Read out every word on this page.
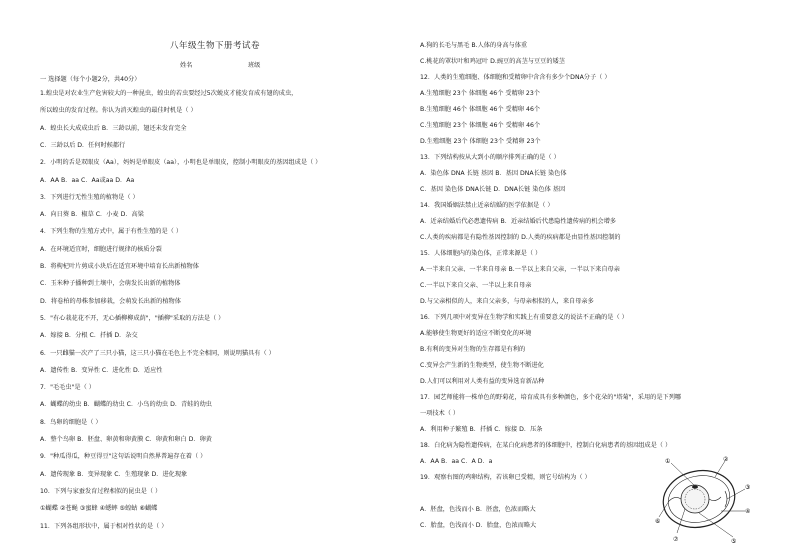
八年级生物下册考试卷
姓名	班级
一 选择题（每个小题2分，共40分）
1.蝗虫是对农业生产危害较大的一种昆虫，蝗虫的若虫要经过5次蜕皮才能发育成有翅的成虫，
所以蝗虫的发育过程。你认为消灭蝗虫的最佳时机是（ ）
A．蝗虫长大成成虫后 B．三龄以前，翅还未发育完全
C．三龄以后 D．任何时候都行
2．小明的舌是双眼皮（Aa），妈妈是单眼皮（aa），小明也是单眼皮，控制小明眼皮的基因组成是（ ）
A．AA B．aa C．Aa或aa D．Aa
3．下列进行无性生殖的植物是（ ）
A．向日葵 B．椒草 C．小麦 D．高粱
4．下列生物的生殖方式中，属于有性生殖的是（ ）
A．在环境适宜时，细胞进行规律的核质分裂
B．将枸杞叶片剪成小块后在适宜环境中培育长出新植物体
C．玉米种子播种到土壤中，会萌发长出新的植物体
D．将卷柏的母株参加移栽，会萌发长出新的植物体
5．"有心栽花花不开，无心插柳柳成荫"，"插柳"采取的方法是（ ）
A．嫁接 B．分根 C．扦插 D．杂交
6．一只雌猫一次产了三只小猫，这三只小猫在毛色上不完全相同，则说明猫具有（ ）
A．遗传性 B．变异性 C．进化性 D．适应性
7．"毛毛虫"是（ ）
A．蝴蝶的幼虫 B．蝴蝶的幼虫 C．小鸟的幼虫 D．青蛙的幼虫
8．鸟卵的细胞是（ ）
A．整个鸟卵 B．胚盘、卵黄和卵黄膜 C．卵黄和卵白 D．卵黄
9．"种瓜得瓜，种豆得豆"这句话说明自然界普遍存在着（ ）
A．遗传现象 B．变异现象 C．生殖现象 D．进化现象
10．下列与家蚕发育过程相似的昆虫是（ ）
①蝴蝶 ②苍蝇 ③蜜蜂 ④蟋蟀 ⑤蝗蛄 ⑥蝴蝶
11．下列各组形状中，属于相对性状的是（ ）
A.狗的长毛与黑毛 B.人体的身高与体重
C.桃花的罩状叶和鸡冠叶 D.豌豆的高茎与豆豆的矮茎
12．人类的生殖细胞、体细胞和受精卵中含含有多少个DNA分子（ ）
A.生殖细胞 23个 体细胞 46个 受精卵 23个
B.生殖细胞 46个 体细胞 46个 受精卵 46个
C.生殖细胞 23个 体细胞 46个 受精卵 46个
D.生殖细胞 23个 体细胞 23个 受精卵 23个
13．下列结构按从大到小的顺序排列正确的是（ ）
A．染色体 DNA 长链 基因 B．基因 DNA长链 染色体
C．基因 染色体 DNA长链 D．DNA长链 染色体 基因
14．我国婚姻法禁止近亲结婚的医学依据是（ ）
A．近亲结婚后代必患遗传病 B．近亲结婚后代患隐性遗传病的机会增多
C.人类的疾病都是有隐性基因控制的 D.人类的疾病都是由显性基因控制的
15．人体细胞内的染色体，正常来源是（ ）
A.一半来自父亲、一半来自母亲 B.一半以上来自父亲，一半以下来自母亲
C.一半以下来自父亲、一半以上来自母亲
D.与父亲相似的人，来自父亲多，与母亲相似的人，来自母亲多
16．下列几项中对变异在生物学和实践上有重要意义的说法不正确的是（ ）
A.能够使生物更好的适应不断变化的环境
B.有利的变异对生物的生存都是有利的
C.变异会产生新的生物类型，使生物不断进化
D.人们可以利用对人类有益的变异选育新品种
17．园艺师能将一株单色的野菊花，培育成具有多种颜色，多个花朵的"塔菊"，采用的是下列哪
一项技术（ ）
A．利用种子繁殖 B．扦插 C．嫁接 D．压条
18．白化病为隐性遗传病，在某白化病患者的体细胞中，控制白化病患者的基因组成是（ ）
A．AA B．aa C．A D．a
19．观察右图的鸡卵结构，若该卵已受精，则它号结构为（ ）
A．胚盘，色浅而小 B．胚盘，色浓而略大
C．胎盘，色浅而小 D．胎盘，色浓而略大
①	②
③
④
⑤
⑥
⑦
